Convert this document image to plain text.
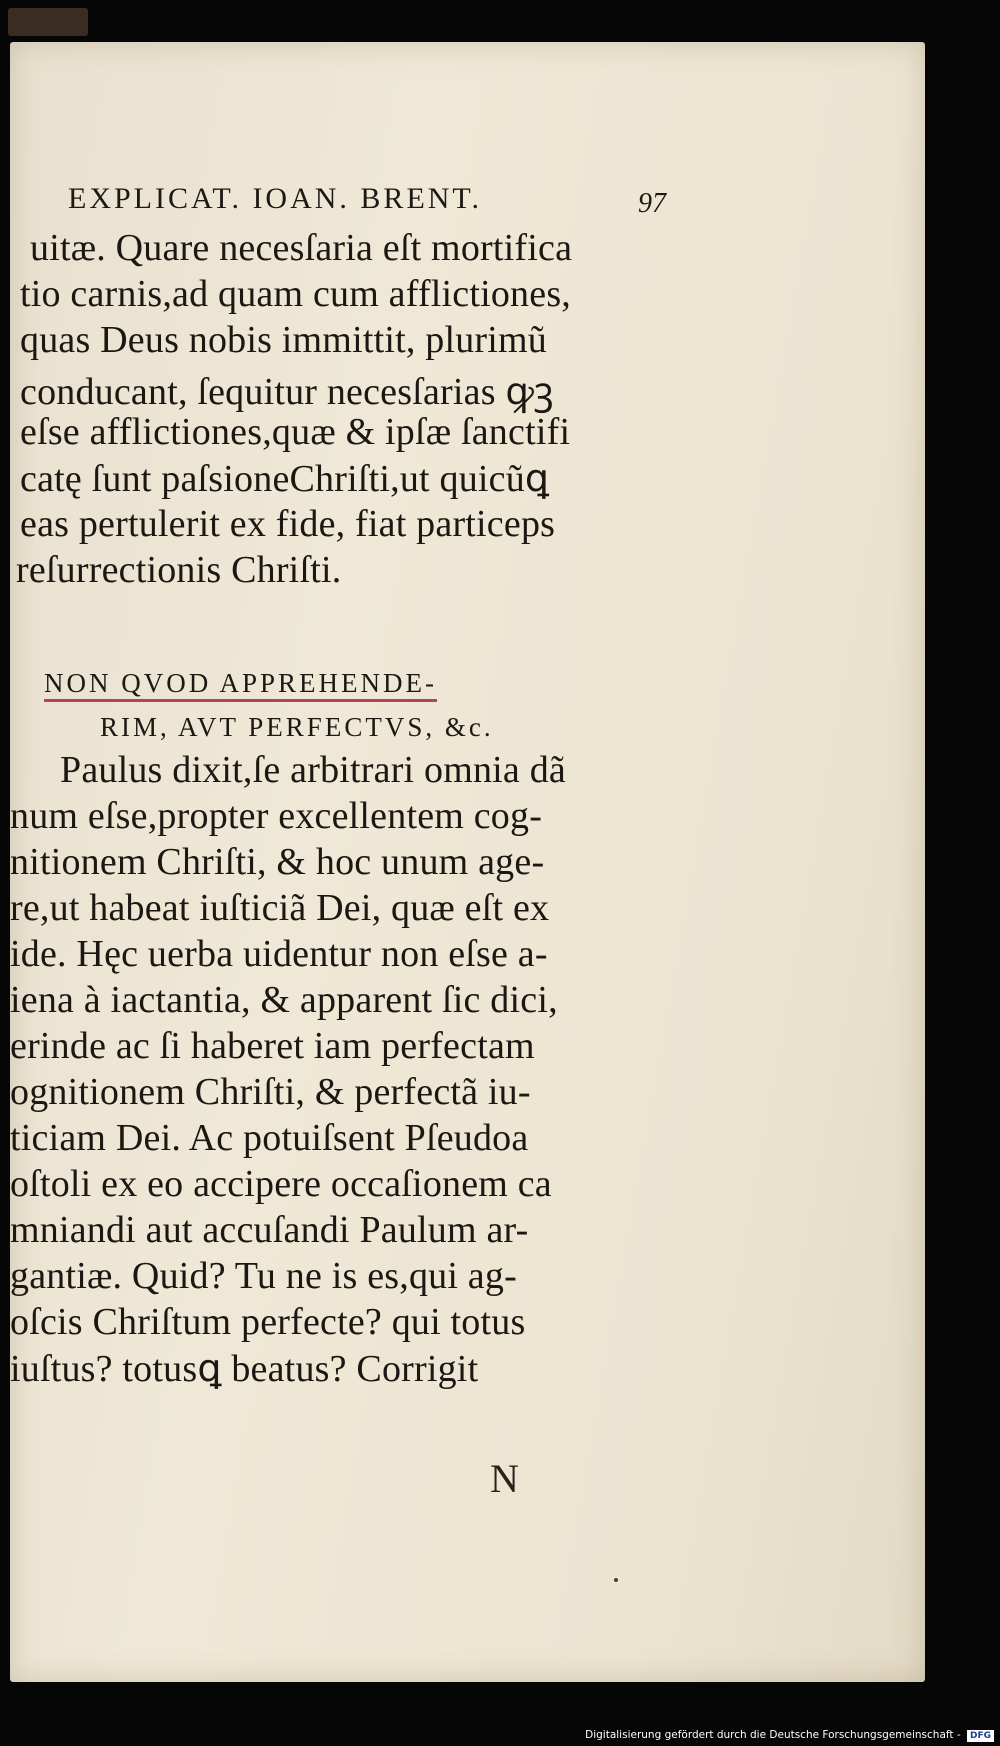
EXPLICAT. IOAN. BRENT.	97
uitæ. Quare necesſaria eſt mortifica
tio carnis,ad quam cum afflictiones,
quas Deus nobis immittit, plurimũ
conducant, ſequitur necesſarias ꝙꝫ
eſse afflictiones,quæ & ipſæ ſanctifi
catę ſunt paſsioneChriſti,ut quicũꝗ
eas pertulerit ex fide, fiat particeps
reſurrectionis Chriſti.
NON QVOD APPREHENDE-
RIM, AVT PERFECTVS, &c.
Paulus dixit,ſe arbitrari omnia dã
num eſse,propter excellentem cog-
nitionem Chriſti, & hoc unum age-
re,ut habeat iuſticiã Dei, quæ eſt ex
ide. Hęc uerba uidentur non eſse a-
iena à iactantia, & apparent ſic dici,
erinde ac ſi haberet iam perfectam
ognitionem Chriſti, & perfectã iu-
ticiam Dei. Ac potuiſsent Pſeudoa
oſtoli ex eo accipere occaſionem ca
mniandi aut accuſandi Paulum ar-
gantiæ. Quid? Tu ne is es,qui ag-
oſcis Chriſtum perfecte? qui totus
iuſtus? totusꝗ beatus? Corrigit
N
Digitalisierung gefördert durch die Deutsche Forschungsgemeinschaft - DFG
